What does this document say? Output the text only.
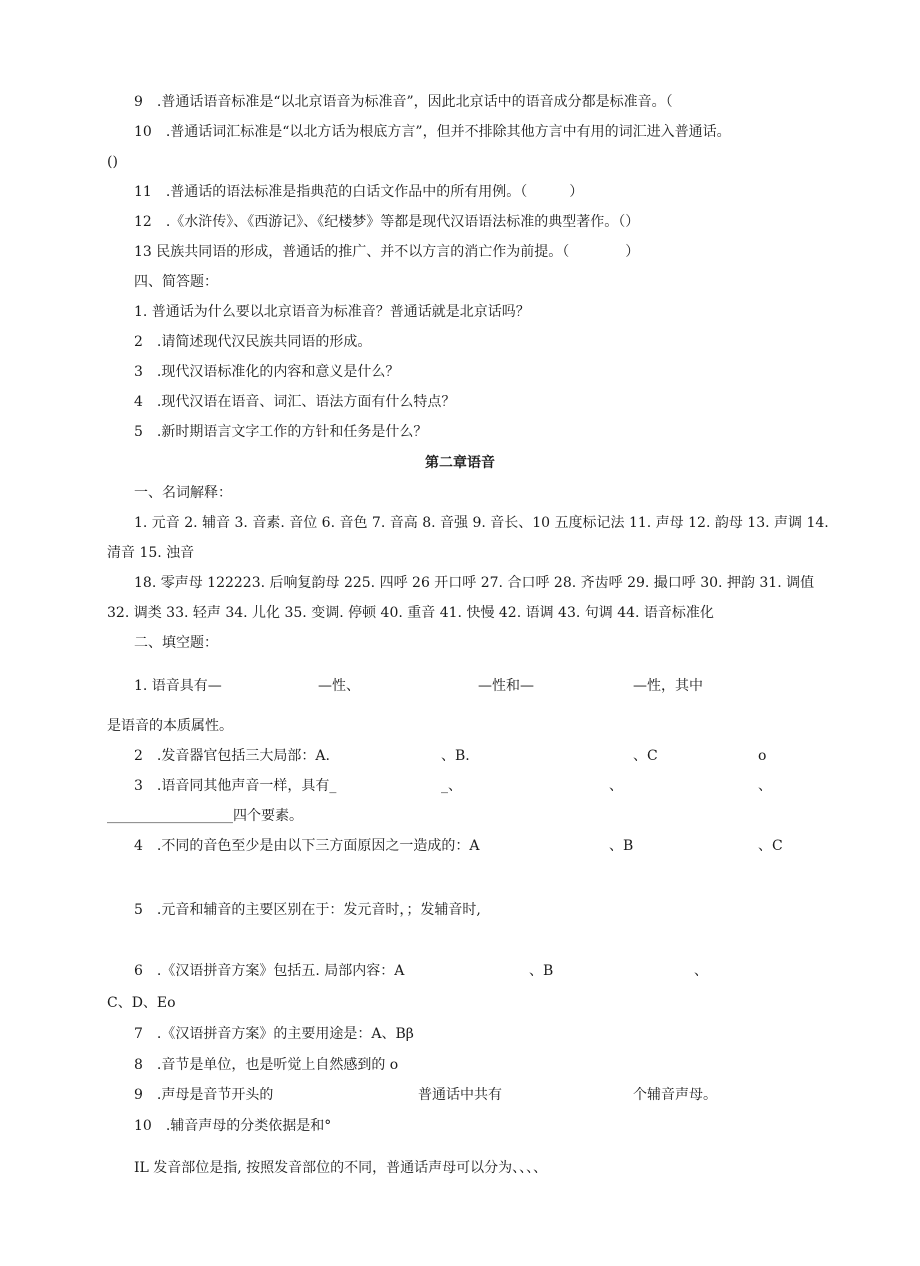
9　.普通话语音标准是“以北京语音为标准音”，因此北京话中的语音成分都是标准音。（
10　.普通话词汇标准是“以北方话为根底方言”，但并不排除其他方言中有用的词汇进入普通话。
()
11　.普通话的语法标准是指典范的白话文作品中的所有用例。（　　　）
12　.《水浒传》、《西游记》、《纪楼梦》等都是现代汉语语法标准的典型著作。（）
13 民族共同语的形成，普通话的推广、并不以方言的消亡作为前提。（　　　　）
四、简答题：
1. 普通话为什么要以北京语音为标准音？普通话就是北京话吗？
2　.请简述现代汉民族共同语的形成。
3　.现代汉语标准化的内容和意义是什么？
4　.现代汉语在语音、词汇、语法方面有什么特点？
5　.新时期语言文字工作的方针和任务是什么？
第二章语音
一、名词解释：
1. 元音 2. 辅音 3. 音素. 音位 6. 音色 7. 音高 8. 音强 9. 音长、10 五度标记法 11. 声母 12. 韵母 13. 声调 14.
清音 15. 浊音
18. 零声母 122223. 后响复韵母 225. 四呼 26 开口呼 27. 合口呼 28. 齐齿呼 29. 撮口呼 30. 押韵 31. 调值
32. 调类 33. 轻声 34. 儿化 35. 变调. 停顿 40. 重音 41. 快慢 42. 语调 43. 句调 44. 语音标准化
二、填空题：
1. 语音具有—	—性、	—性和—	—性，其中
是语音的本质属性。
2　.发音器官包括三大局部：A.	、B.	、C	o
3　.语音同其他声音一样，具有_	_、	、	、
__________________四个要素。
4　.不同的音色至少是由以下三方面原因之一造成的：A	、B	、C
5　.元音和辅音的主要区别在于：发元音时，；发辅音时,
6　.《汉语拼音方案》包括五. 局部内容：A	、B	、
C、D、Eo
7　.《汉语拼音方案》的主要用途是：A、Bβ
8　.音节是单位，也是听觉上自然感到的 o
9　.声母是音节开头的	普通话中共有	个辅音声母。
10　.辅音声母的分类依据是和°
IL 发音部位是指, 按照发音部位的不同，普通话声母可以分为、、、、
